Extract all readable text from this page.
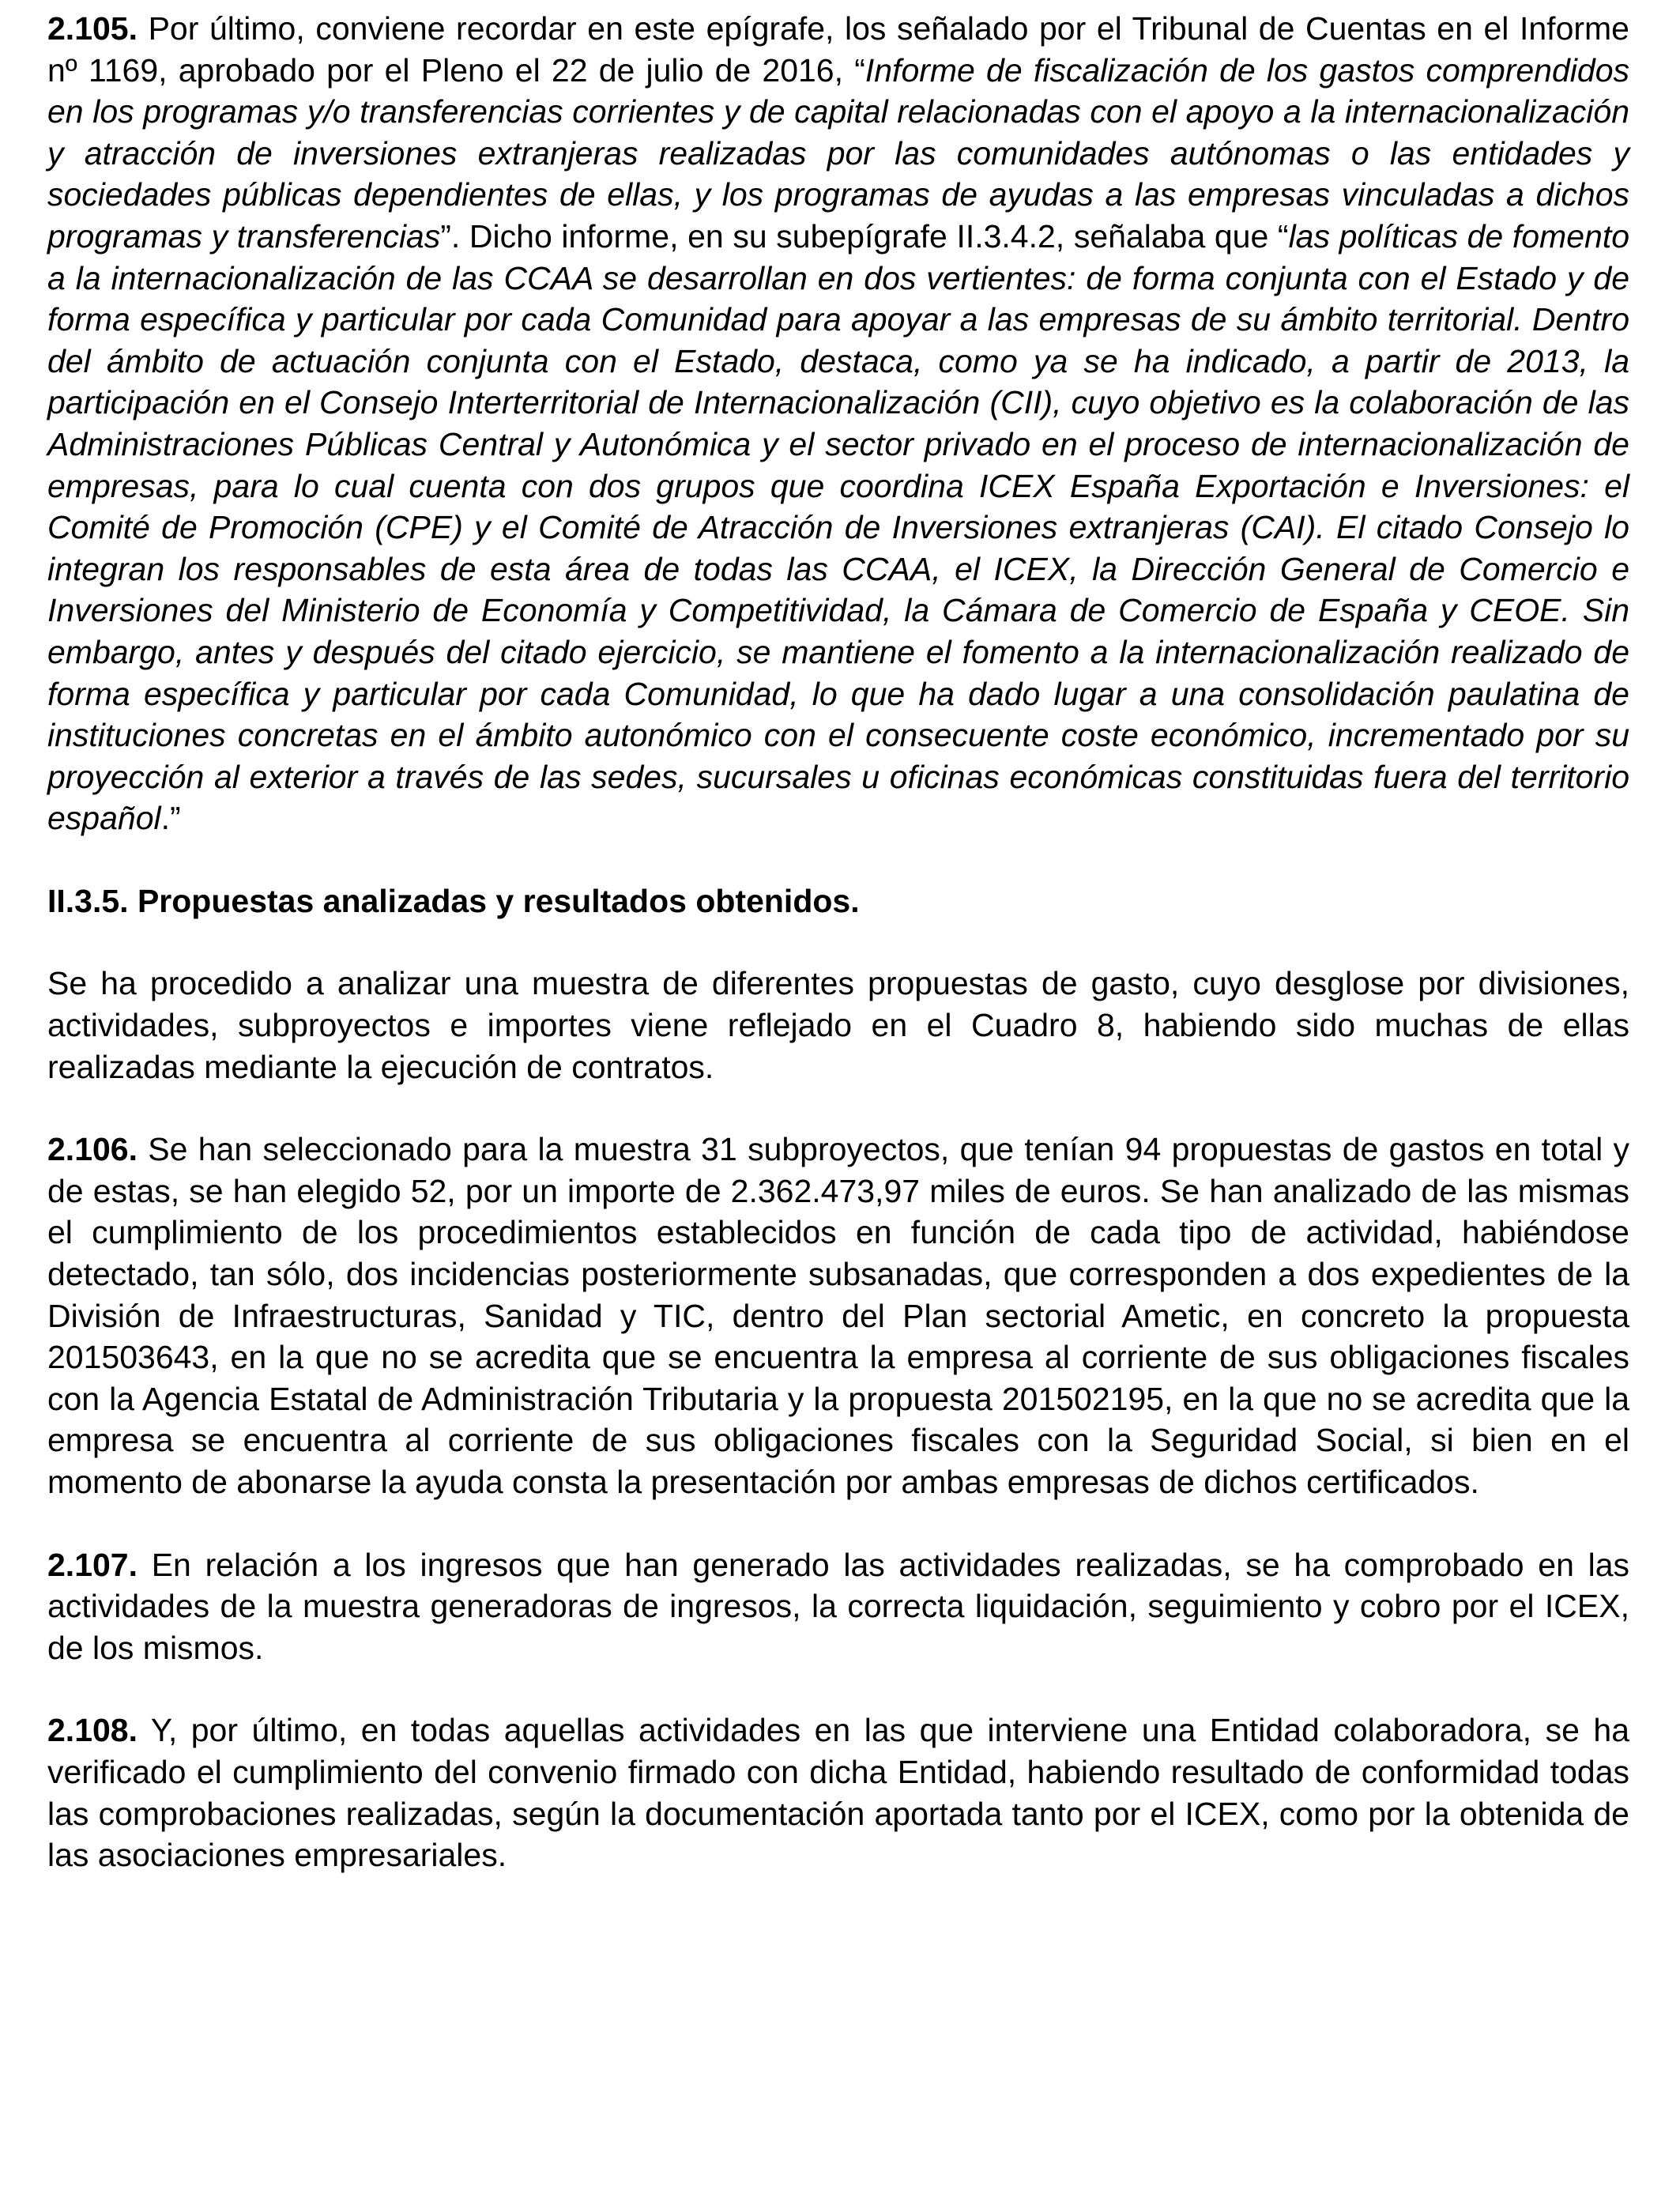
2.105. Por último, conviene recordar en este epígrafe, los señalado por el Tribunal de Cuentas en el Informe nº 1169, aprobado por el Pleno el 22 de julio de 2016, “Informe de fiscalización de los gastos comprendidos en los programas y/o transferencias corrientes y de capital relacionadas con el apoyo a la internacionalización y atracción de inversiones extranjeras realizadas por las comunidades autónomas o las entidades y sociedades públicas dependientes de ellas, y los programas de ayudas a las empresas vinculadas a dichos programas y transferencias”. Dicho informe, en su subepígrafe II.3.4.2, señalaba que “las políticas de fomento a la internacionalización de las CCAA se desarrollan en dos vertientes: de forma conjunta con el Estado y de forma específica y particular por cada Comunidad para apoyar a las empresas de su ámbito territorial. Dentro del ámbito de actuación conjunta con el Estado, destaca, como ya se ha indicado, a partir de 2013, la participación en el Consejo Interterritorial de Internacionalización (CII), cuyo objetivo es la colaboración de las Administraciones Públicas Central y Autonómica y el sector privado en el proceso de internacionalización de empresas, para lo cual cuenta con dos grupos que coordina ICEX España Exportación e Inversiones: el Comité de Promoción (CPE) y el Comité de Atracción de Inversiones extranjeras (CAI). El citado Consejo lo integran los responsables de esta área de todas las CCAA, el ICEX, la Dirección General de Comercio e Inversiones del Ministerio de Economía y Competitividad, la Cámara de Comercio de España y CEOE. Sin embargo, antes y después del citado ejercicio, se mantiene el fomento a la internacionalización realizado de forma específica y particular por cada Comunidad, lo que ha dado lugar a una consolidación paulatina de instituciones concretas en el ámbito autonómico con el consecuente coste económico, incrementado por su proyección al exterior a través de las sedes, sucursales u oficinas económicas constituidas fuera del territorio español.”

II.3.5. Propuestas analizadas y resultados obtenidos.

Se ha procedido a analizar una muestra de diferentes propuestas de gasto, cuyo desglose por divisiones, actividades, subproyectos e importes viene reflejado en el Cuadro 8, habiendo sido muchas de ellas realizadas mediante la ejecución de contratos.

2.106. Se han seleccionado para la muestra 31 subproyectos, que tenían 94 propuestas de gastos en total y de estas, se han elegido 52, por un importe de 2.362.473,97 miles de euros. Se han analizado de las mismas el cumplimiento de los procedimientos establecidos en función de cada tipo de actividad, habiéndose detectado, tan sólo, dos incidencias posteriormente subsanadas, que corresponden a dos expedientes de la División de Infraestructuras, Sanidad y TIC, dentro del Plan sectorial Ametic, en concreto la propuesta 201503643, en la que no se acredita que se encuentra la empresa al corriente de sus obligaciones fiscales con la Agencia Estatal de Administración Tributaria y la propuesta 201502195, en la que no se acredita que la empresa se encuentra al corriente de sus obligaciones fiscales con la Seguridad Social, si bien en el momento de abonarse la ayuda consta la presentación por ambas empresas de dichos certificados.

2.107. En relación a los ingresos que han generado las actividades realizadas, se ha comprobado en las actividades de la muestra generadoras de ingresos, la correcta liquidación, seguimiento y cobro por el ICEX, de los mismos.

2.108. Y, por último, en todas aquellas actividades en las que interviene una Entidad colaboradora, se ha verificado el cumplimiento del convenio firmado con dicha Entidad, habiendo resultado de conformidad todas las comprobaciones realizadas, según la documentación aportada tanto por el ICEX, como por la obtenida de las asociaciones empresariales.
